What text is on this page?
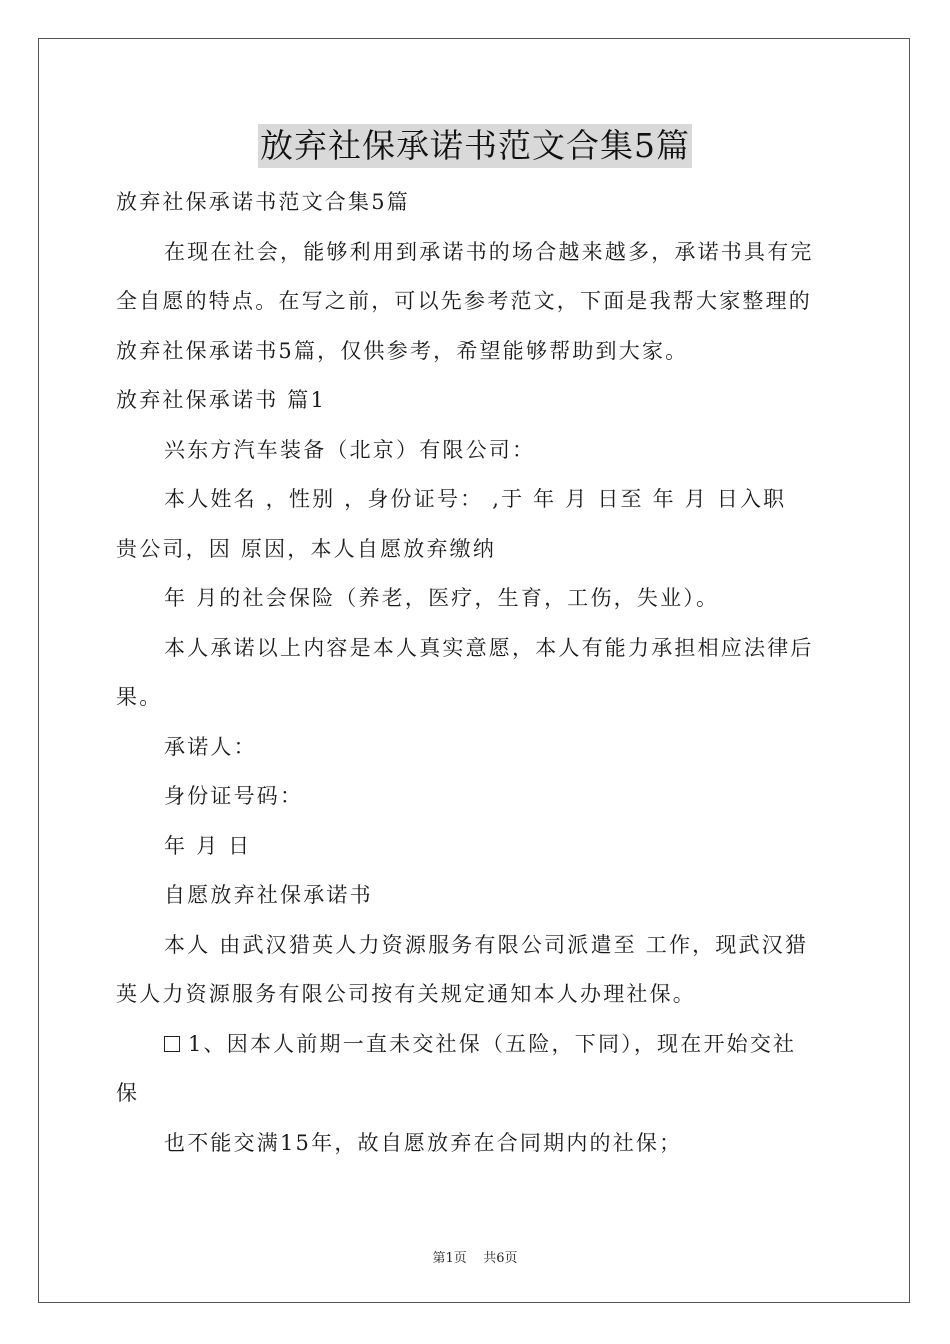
放弃社保承诺书范文合集5篇

放弃社保承诺书范文合集5篇

在现在社会，能够利用到承诺书的场合越来越多，承诺书具有完

全自愿的特点。在写之前，可以先参考范文，下面是我帮大家整理的

放弃社保承诺书5篇，仅供参考，希望能够帮助到大家。

放弃社保承诺书 篇1

兴东方汽车装备（北京）有限公司：

本人姓名 ，性别 ，身份证号： ,于 年 月 日至 年 月 日入职

贵公司，因 原因，本人自愿放弃缴纳

年 月的社会保险（养老，医疗，生育，工伤，失业）。

本人承诺以上内容是本人真实意愿，本人有能力承担相应法律后

果。

承诺人：

身份证号码：

年 月 日

自愿放弃社保承诺书

本人 由武汉猎英人力资源服务有限公司派遣至 工作，现武汉猎

英人力资源服务有限公司按有关规定通知本人办理社保。

1、因本人前期一直未交社保（五险，下同），现在开始交社

保

也不能交满15年，故自愿放弃在合同期内的社保；

第1页    共6页
